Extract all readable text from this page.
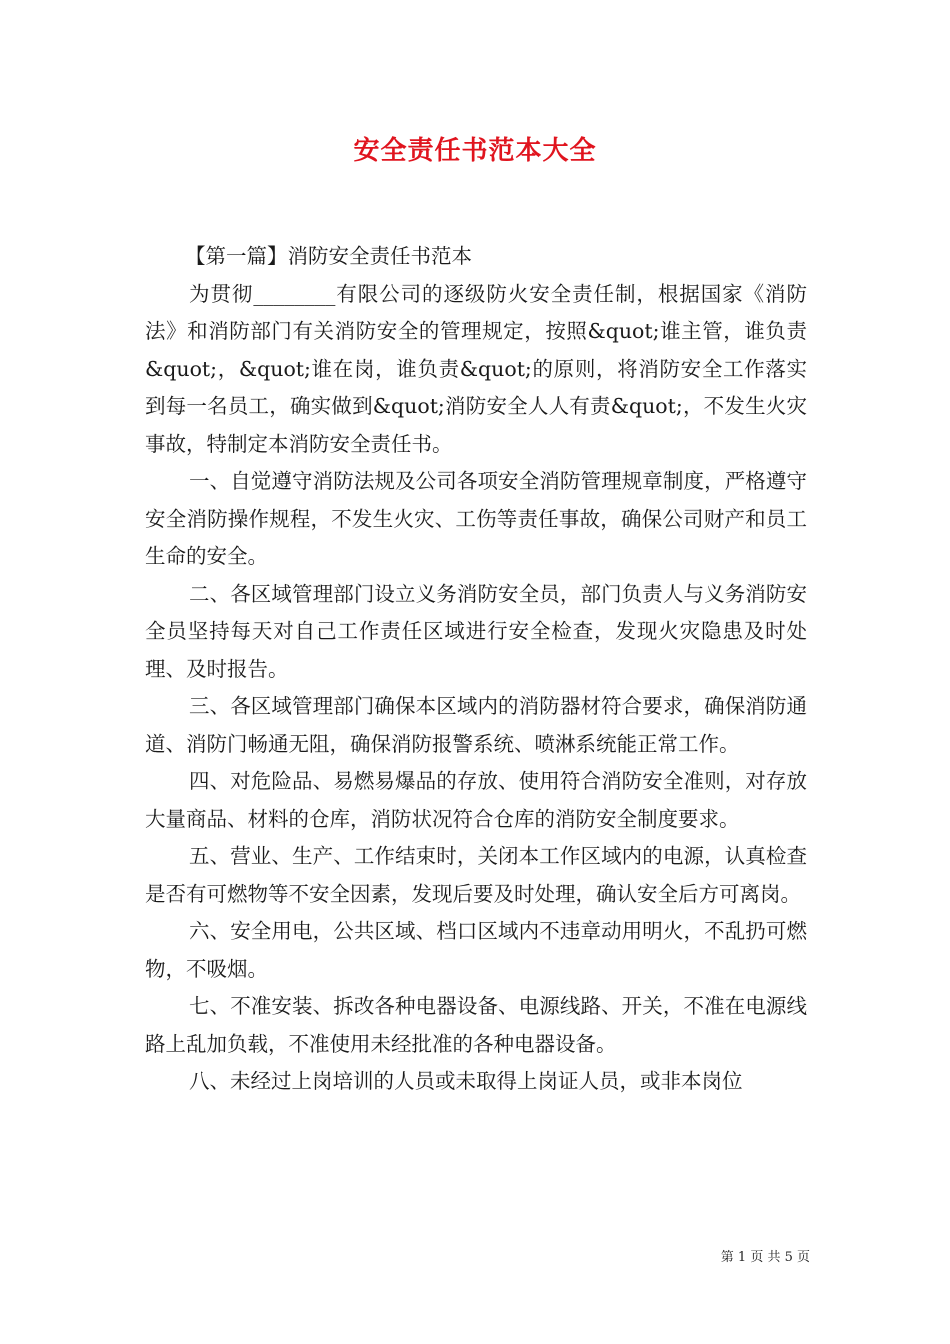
安全责任书范本大全

【第一篇】消防安全责任书范本

为贯彻________有限公司的逐级防火安全责任制，根据国家《消防法》和消防部门有关消防安全的管理规定，按照&quot;谁主管，谁负责&quot;，&quot;谁在岗，谁负责&quot;的原则，将消防安全工作落实到每一名员工，确实做到&quot;消防安全人人有责&quot;，不发生火灾事故，特制定本消防安全责任书。

一、自觉遵守消防法规及公司各项安全消防管理规章制度，严格遵守安全消防操作规程，不发生火灾、工伤等责任事故，确保公司财产和员工生命的安全。

二、各区域管理部门设立义务消防安全员，部门负责人与义务消防安全员坚持每天对自己工作责任区域进行安全检查，发现火灾隐患及时处理、及时报告。

三、各区域管理部门确保本区域内的消防器材符合要求，确保消防通道、消防门畅通无阻，确保消防报警系统、喷淋系统能正常工作。

四、对危险品、易燃易爆品的存放、使用符合消防安全准则，对存放大量商品、材料的仓库，消防状况符合仓库的消防安全制度要求。

五、营业、生产、工作结束时，关闭本工作区域内的电源，认真检查是否有可燃物等不安全因素，发现后要及时处理，确认安全后方可离岗。

六、安全用电，公共区域、档口区域内不违章动用明火，不乱扔可燃物，不吸烟。

七、不准安装、拆改各种电器设备、电源线路、开关，不准在电源线路上乱加负载，不准使用未经批准的各种电器设备。

八、未经过上岗培训的人员或未取得上岗证人员，或非本岗位

第 1 页 共 5 页
